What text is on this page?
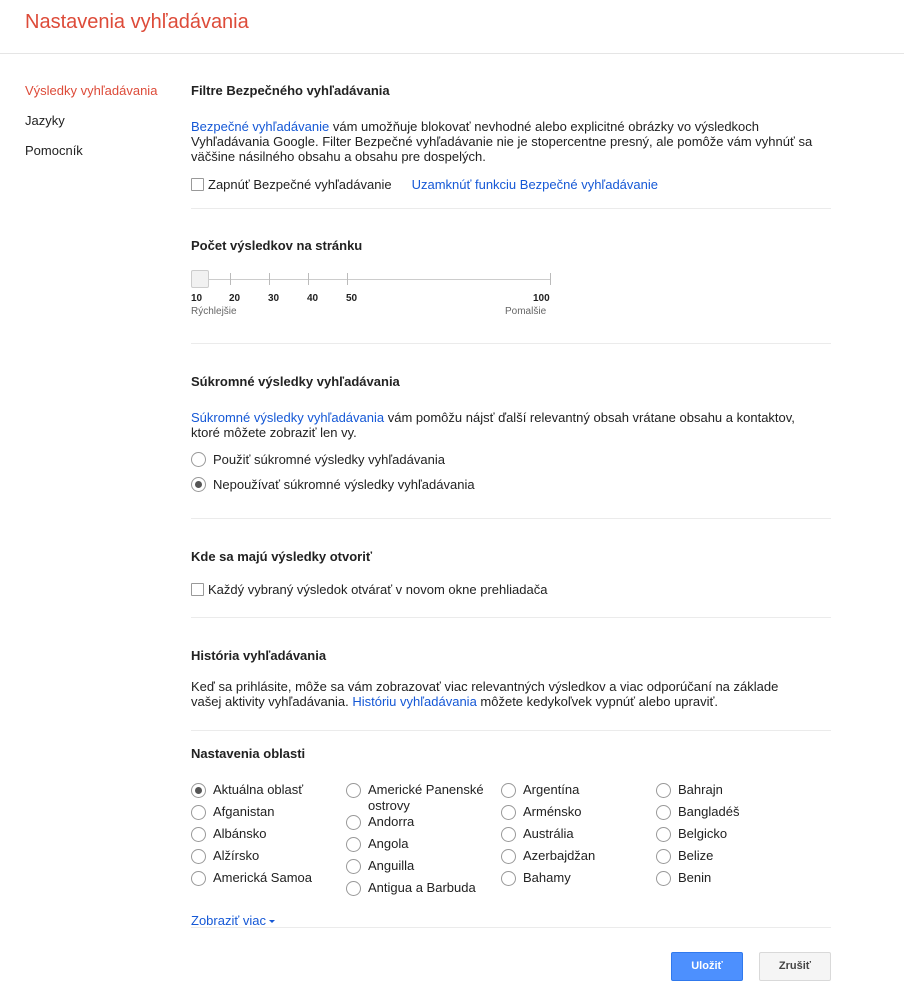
Nastavenia vyhľadávania
Výsledky vyhľadávania
Jazyky
Pomocník
Filtre Bezpečného vyhľadávania
Bezpečné vyhľadávanie vám umožňuje blokovať nevhodné alebo explicitné obrázky vo výsledkoch Vyhľadávania Google. Filter Bezpečné vyhľadávanie nie je stopercentne presný, ale pomôže vám vyhnúť sa väčšine násilného obsahu a obsahu pre dospelých.
Zapnúť Bezpečné vyhľadávanie Uzamknúť funkciu Bezpečné vyhľadávanie
Počet výsledkov na stránku
10	20	30	40	50	100
Rýchlejšie	Pomalšie
Súkromné výsledky vyhľadávania
Súkromné výsledky vyhľadávania vám pomôžu nájsť ďalší relevantný obsah vrátane obsahu a kontaktov, ktoré môžete zobraziť len vy.
Použiť súkromné výsledky vyhľadávania
Nepoužívať súkromné výsledky vyhľadávania
Kde sa majú výsledky otvoriť
Každý vybraný výsledok otvárať v novom okne prehliadača
História vyhľadávania
Keď sa prihlásite, môže sa vám zobrazovať viac relevantných výsledkov a viac odporúčaní na základe vašej aktivity vyhľadávania. Históriu vyhľadávania môžete kedykoľvek vypnúť alebo upraviť.
Nastavenia oblasti
Aktuálna oblasť
Afganistan
Albánsko
Alžírsko
Americká Samoa
Americké Panenské ostrovy
Andorra
Angola
Anguilla
Antigua a Barbuda
Argentína
Arménsko
Austrália
Azerbajdžan
Bahamy
Bahrajn
Bangladéš
Belgicko
Belize
Benin
Zobraziť viac
Uložiť	Zrušiť
